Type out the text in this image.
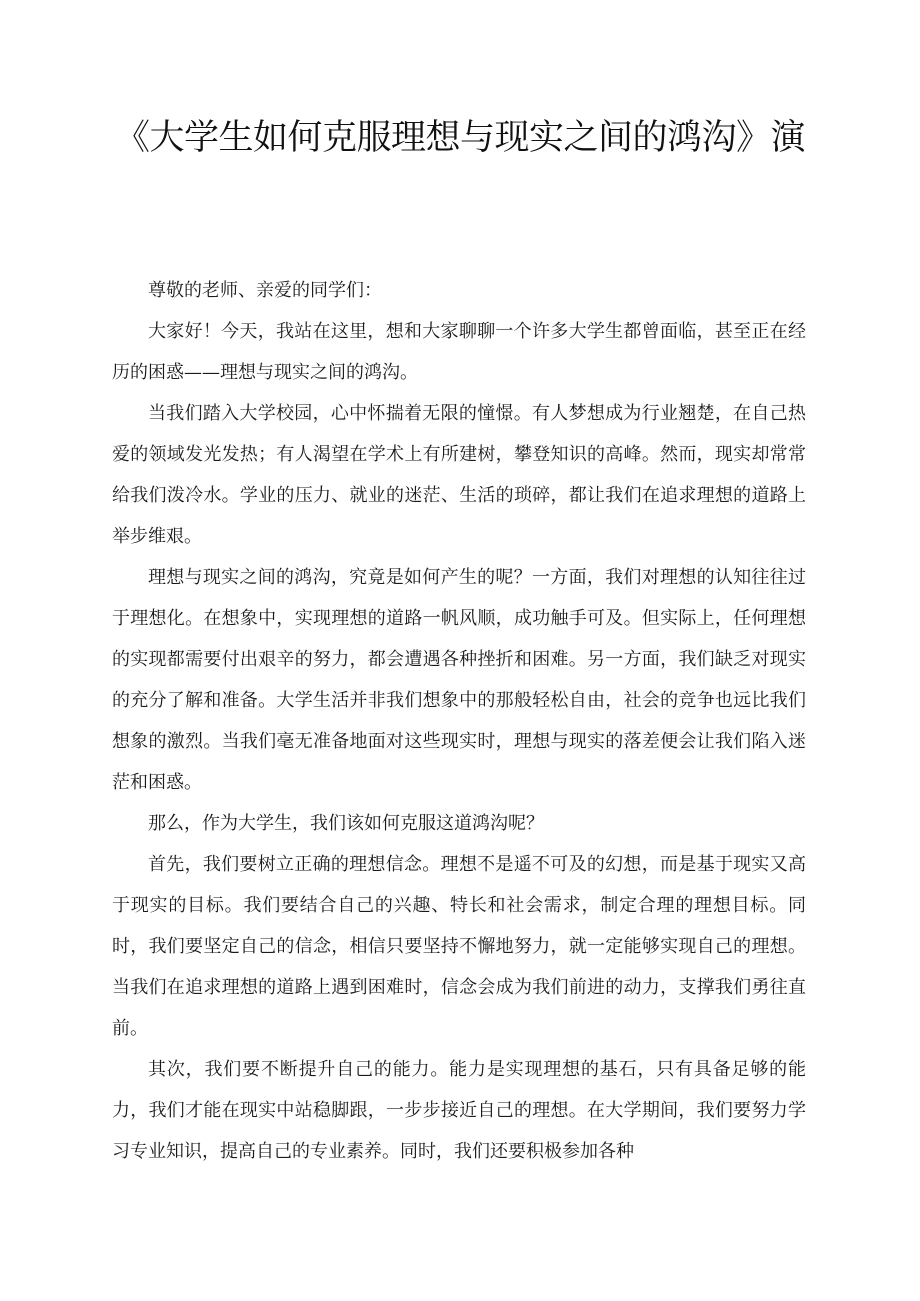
《大学生如何克服理想与现实之间的鸿沟》演

尊敬的老师、亲爱的同学们：

大家好！今天，我站在这里，想和大家聊聊一个许多大学生都曾面临，甚至正在经历的困惑——理想与现实之间的鸿沟。

当我们踏入大学校园，心中怀揣着无限的憧憬。有人梦想成为行业翘楚，在自己热爱的领域发光发热；有人渴望在学术上有所建树，攀登知识的高峰。然而，现实却常常给我们泼冷水。学业的压力、就业的迷茫、生活的琐碎，都让我们在追求理想的道路上举步维艰。

理想与现实之间的鸿沟，究竟是如何产生的呢？一方面，我们对理想的认知往往过于理想化。在想象中，实现理想的道路一帆风顺，成功触手可及。但实际上，任何理想的实现都需要付出艰辛的努力，都会遭遇各种挫折和困难。另一方面，我们缺乏对现实的充分了解和准备。大学生活并非我们想象中的那般轻松自由，社会的竞争也远比我们想象的激烈。当我们毫无准备地面对这些现实时，理想与现实的落差便会让我们陷入迷茫和困惑。

那么，作为大学生，我们该如何克服这道鸿沟呢？

首先，我们要树立正确的理想信念。理想不是遥不可及的幻想，而是基于现实又高于现实的目标。我们要结合自己的兴趣、特长和社会需求，制定合理的理想目标。同时，我们要坚定自己的信念，相信只要坚持不懈地努力，就一定能够实现自己的理想。当我们在追求理想的道路上遇到困难时，信念会成为我们前进的动力，支撑我们勇往直前。

其次，我们要不断提升自己的能力。能力是实现理想的基石，只有具备足够的能力，我们才能在现实中站稳脚跟，一步步接近自己的理想。在大学期间，我们要努力学习专业知识，提高自己的专业素养。同时，我们还要积极参加各种
